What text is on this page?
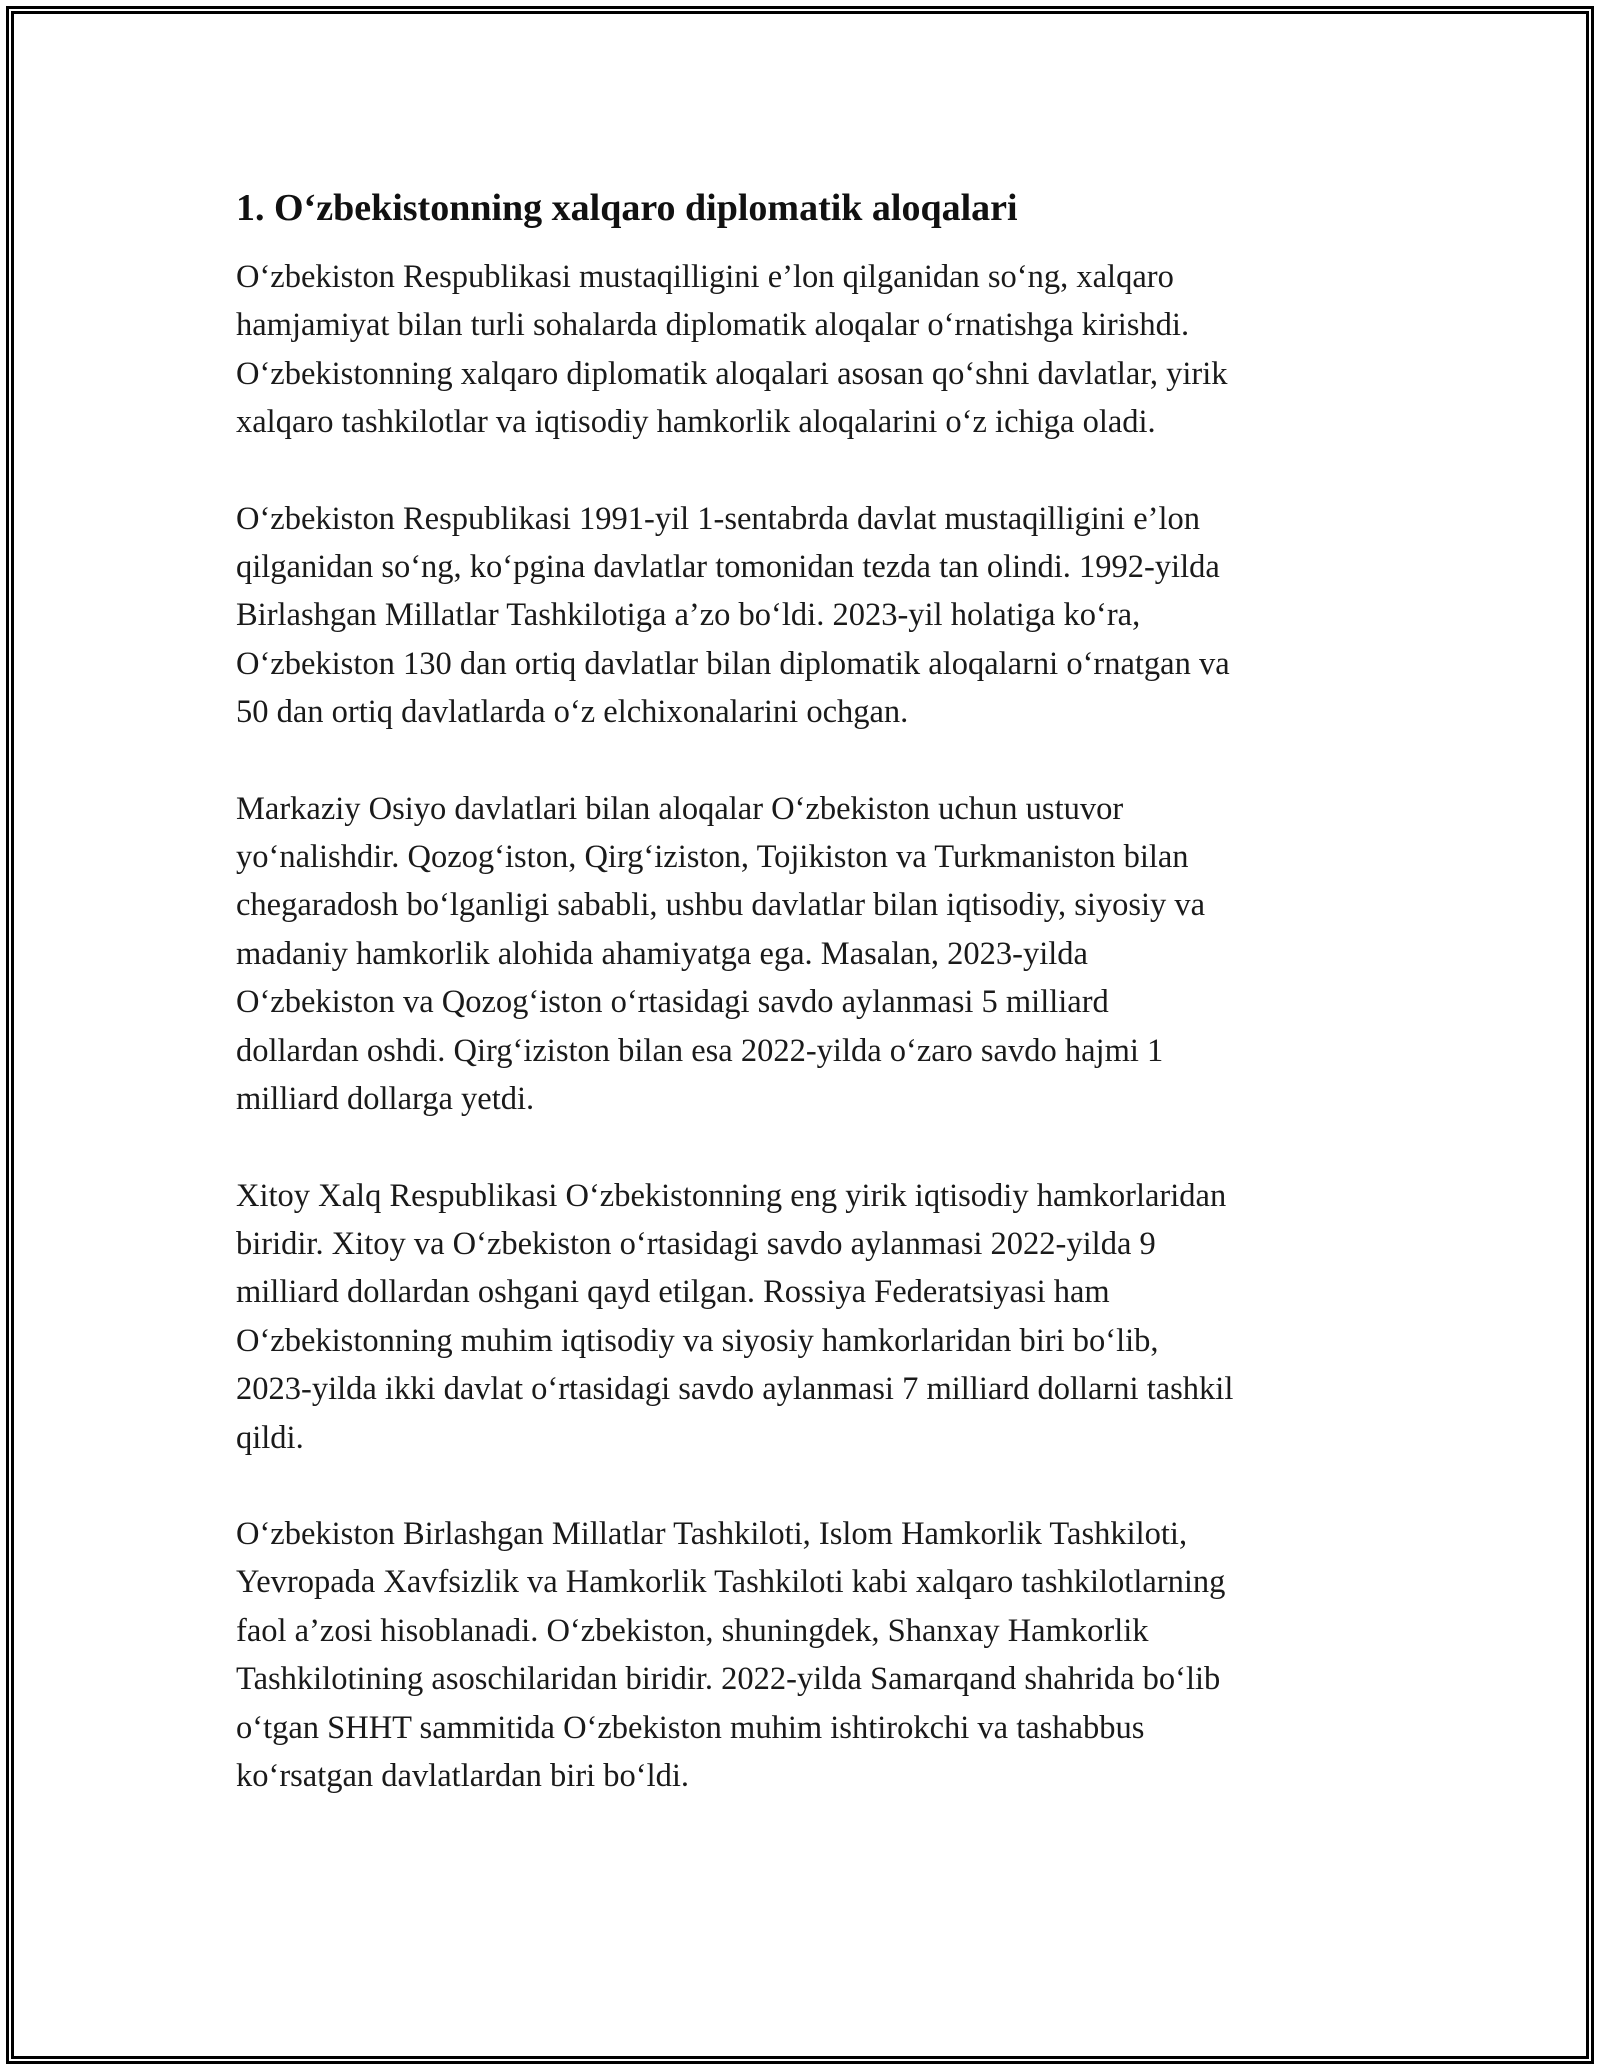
1. O‘zbekistonning xalqaro diplomatik aloqalari

O‘zbekiston Respublikasi mustaqilligini e’lon qilganidan so‘ng, xalqaro
hamjamiyat bilan turli sohalarda diplomatik aloqalar o‘rnatishga kirishdi.
O‘zbekistonning xalqaro diplomatik aloqalari asosan qo‘shni davlatlar, yirik
xalqaro tashkilotlar va iqtisodiy hamkorlik aloqalarini o‘z ichiga oladi.

O‘zbekiston Respublikasi 1991-yil 1-sentabrda davlat mustaqilligini e’lon
qilganidan so‘ng, ko‘pgina davlatlar tomonidan tezda tan olindi. 1992-yilda
Birlashgan Millatlar Tashkilotiga a’zo bo‘ldi. 2023-yil holatiga ko‘ra,
O‘zbekiston 130 dan ortiq davlatlar bilan diplomatik aloqalarni o‘rnatgan va
50 dan ortiq davlatlarda o‘z elchixonalarini ochgan.

Markaziy Osiyo davlatlari bilan aloqalar O‘zbekiston uchun ustuvor
yo‘nalishdir. Qozog‘iston, Qirg‘iziston, Tojikiston va Turkmaniston bilan
chegaradosh bo‘lganligi sababli, ushbu davlatlar bilan iqtisodiy, siyosiy va
madaniy hamkorlik alohida ahamiyatga ega. Masalan, 2023-yilda
O‘zbekiston va Qozog‘iston o‘rtasidagi savdo aylanmasi 5 milliard
dollardan oshdi. Qirg‘iziston bilan esa 2022-yilda o‘zaro savdo hajmi 1
milliard dollarga yetdi.

Xitoy Xalq Respublikasi O‘zbekistonning eng yirik iqtisodiy hamkorlaridan
biridir. Xitoy va O‘zbekiston o‘rtasidagi savdo aylanmasi 2022-yilda 9
milliard dollardan oshgani qayd etilgan. Rossiya Federatsiyasi ham
O‘zbekistonning muhim iqtisodiy va siyosiy hamkorlaridan biri bo‘lib,
2023-yilda ikki davlat o‘rtasidagi savdo aylanmasi 7 milliard dollarni tashkil
qildi.

O‘zbekiston Birlashgan Millatlar Tashkiloti, Islom Hamkorlik Tashkiloti,
Yevropada Xavfsizlik va Hamkorlik Tashkiloti kabi xalqaro tashkilotlarning
faol a’zosi hisoblanadi. O‘zbekiston, shuningdek, Shanxay Hamkorlik
Tashkilotining asoschilaridan biridir. 2022-yilda Samarqand shahrida bo‘lib
o‘tgan SHHT sammitida O‘zbekiston muhim ishtirokchi va tashabbus
ko‘rsatgan davlatlardan biri bo‘ldi.
